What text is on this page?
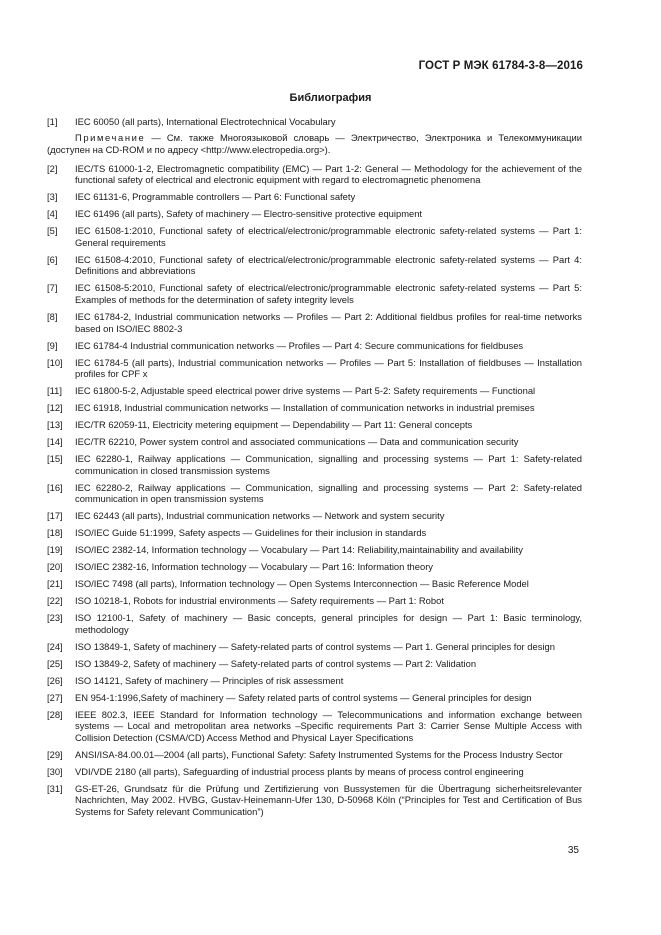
ГОСТ Р МЭК 61784-3-8—2016
Библиография
[1]	IEC 60050 (all parts), International Electrotechnical Vocabulary
Примечание — См. также Многоязыковой словарь — Электричество, Электроника и Телекоммуникации (доступен на CD-ROM и по адресу <http://www.electropedia.org>).
[2]	IEC/TS 61000-1-2, Electromagnetic compatibility (EMC) — Part 1-2: General — Methodology for the achievement of the functional safety of electrical and electronic equipment with regard to electromagnetic phenomena
[3]	IEC 61131-6, Programmable controllers — Part 6: Functional safety
[4]	IEC 61496 (all parts), Safety of machinery — Electro-sensitive protective equipment
[5]	IEC 61508-1:2010, Functional safety of electrical/electronic/programmable electronic safety-related systems — Part 1: General requirements
[6]	IEC 61508-4:2010, Functional safety of electrical/electronic/programmable electronic safety-related systems — Part 4: Definitions and abbreviations
[7]	IEC 61508-5:2010, Functional safety of electrical/electronic/programmable electronic safety-related systems — Part 5: Examples of methods for the determination of safety integrity levels
[8]	IEC 61784-2, Industrial communication networks — Profiles — Part 2: Additional fieldbus profiles for real-time networks based on ISO/IEC 8802-3
[9]	IEC 61784-4 Industrial communication networks — Profiles — Part 4: Secure communications for fieldbuses
[10]	IEC 61784-5 (all parts), Industrial communication networks — Profiles — Part 5: Installation of fieldbuses — Installation profiles for CPF x
[11]	IEC 61800-5-2, Adjustable speed electrical power drive systems — Part 5-2: Safety requirements — Functional
[12]	IEC 61918, Industrial communication networks — Installation of communication networks in industrial premises
[13]	IEC/TR 62059-11, Electricity metering equipment — Dependability — Part 11: General concepts
[14]	IEC/TR 62210, Power system control and associated communications — Data and communication security
[15]	IEC 62280-1, Railway applications — Communication, signalling and processing systems — Part 1: Safety-related communication in closed transmission systems
[16]	IEC 62280-2, Railway applications — Communication, signalling and processing systems — Part 2: Safety-related communication in open transmission systems
[17]	IEC 62443 (all parts), Industrial communication networks — Network and system security
[18]	ISO/IEC Guide 51:1999, Safety aspects — Guidelines for their inclusion in standards
[19]	ISO/IEC 2382-14, Information technology — Vocabulary — Part 14: Reliability,maintainability and availability
[20]	ISO/IEC 2382-16, Information technology — Vocabulary — Part 16: Information theory
[21]	ISO/IEC 7498 (all parts), Information technology — Open Systems Interconnection — Basic Reference Model
[22]	ISO 10218-1, Robots for industrial environments — Safety requirements — Part 1: Robot
[23]	ISO 12100-1, Safety of machinery — Basic concepts, general principles for design — Part 1: Basic terminology, methodology
[24]	ISO 13849-1, Safety of machinery — Safety-related parts of control systems — Part 1. General principles for design
[25]	ISO 13849-2, Safety of machinery — Safety-related parts of control systems — Part 2: Validation
[26]	ISO 14121, Safety of machinery — Principles of risk assessment
[27]	EN 954-1:1996,Safety of machinery — Safety related parts of control systems — General principles for design
[28]	IEEE 802.3, IEEE Standard for Information technology — Telecommunications and information exchange between systems — Local and metropolitan area networks –Specific requirements Part 3: Carrier Sense Multiple Access with Collision Detection (CSMA/CD) Access Method and Physical Layer Specifications
[29]	ANSI/ISA-84.00.01—2004 (all parts), Functional Safety: Safety Instrumented Systems for the Process Industry Sector
[30]	VDI/VDE 2180 (all parts), Safeguarding of industrial process plants by means of process control engineering
[31]	GS-ET-26, Grundsatz für die Prüfung und Zertifizierung von Bussystemen für die Übertragung sicherheitsrelevanter Nachrichten, May 2002. HVBG, Gustav-Heinemann-Ufer 130, D-50968 Köln (“Principles for Test and Certification of Bus Systems for Safety relevant Communication”)
35
